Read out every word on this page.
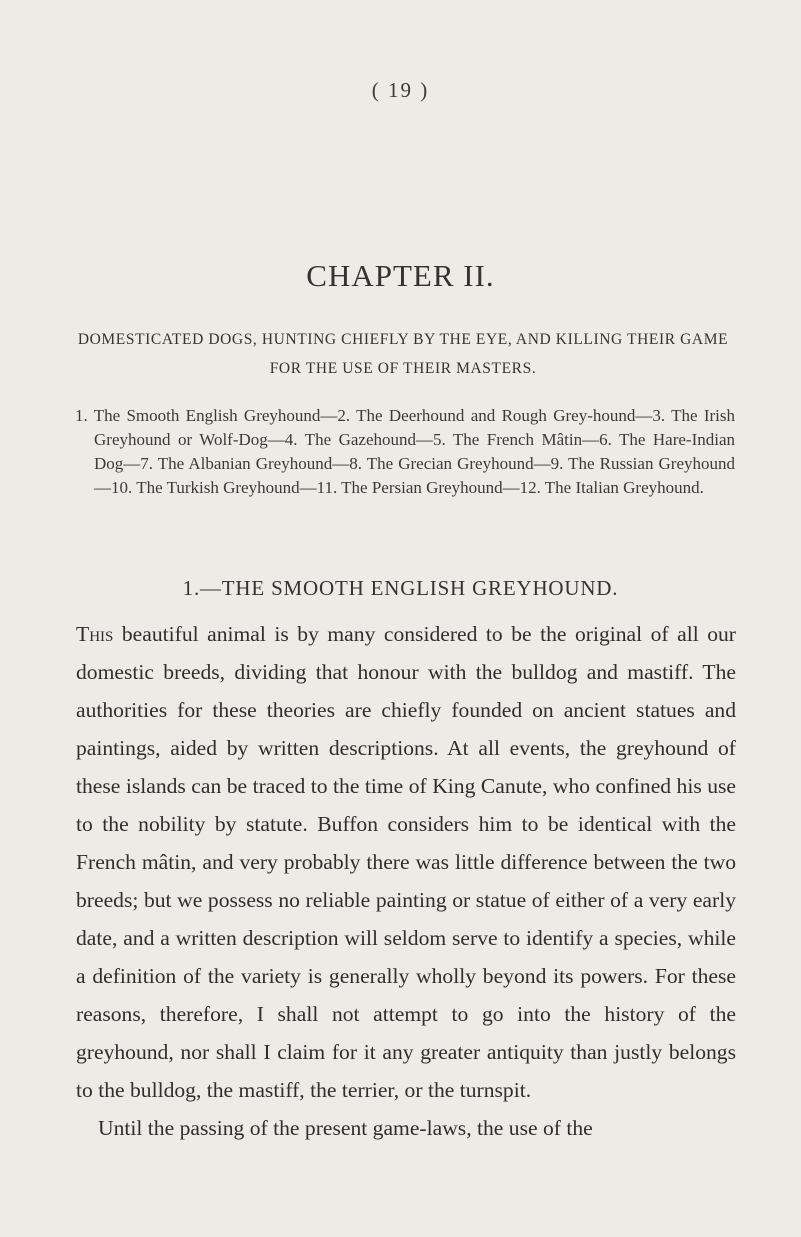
( 19 )
CHAPTER II.
DOMESTICATED DOGS, HUNTING CHIEFLY BY THE EYE, AND KILLING THEIR GAME FOR THE USE OF THEIR MASTERS.
1. The Smooth English Greyhound—2. The Deerhound and Rough Grey-hound—3. The Irish Greyhound or Wolf-Dog—4. The Gazehound—5. The French Mâtin—6. The Hare-Indian Dog—7. The Albanian Greyhound—8. The Grecian Greyhound—9. The Russian Greyhound—10. The Turkish Greyhound—11. The Persian Greyhound—12. The Italian Greyhound.
1.—THE SMOOTH ENGLISH GREYHOUND.

This beautiful animal is by many considered to be the original of all our domestic breeds, dividing that honour with the bulldog and mastiff. The authorities for these theories are chiefly founded on ancient statues and paintings, aided by written descriptions. At all events, the greyhound of these islands can be traced to the time of King Canute, who confined his use to the nobility by statute. Buffon considers him to be identical with the French mâtin, and very probably there was little difference between the two breeds; but we possess no reliable painting or statue of either of a very early date, and a written description will seldom serve to identify a species, while a definition of the variety is generally wholly beyond its powers. For these reasons, therefore, I shall not attempt to go into the history of the greyhound, nor shall I claim for it any greater antiquity than justly belongs to the bulldog, the mastiff, the terrier, or the turnspit.

Until the passing of the present game-laws, the use of the
